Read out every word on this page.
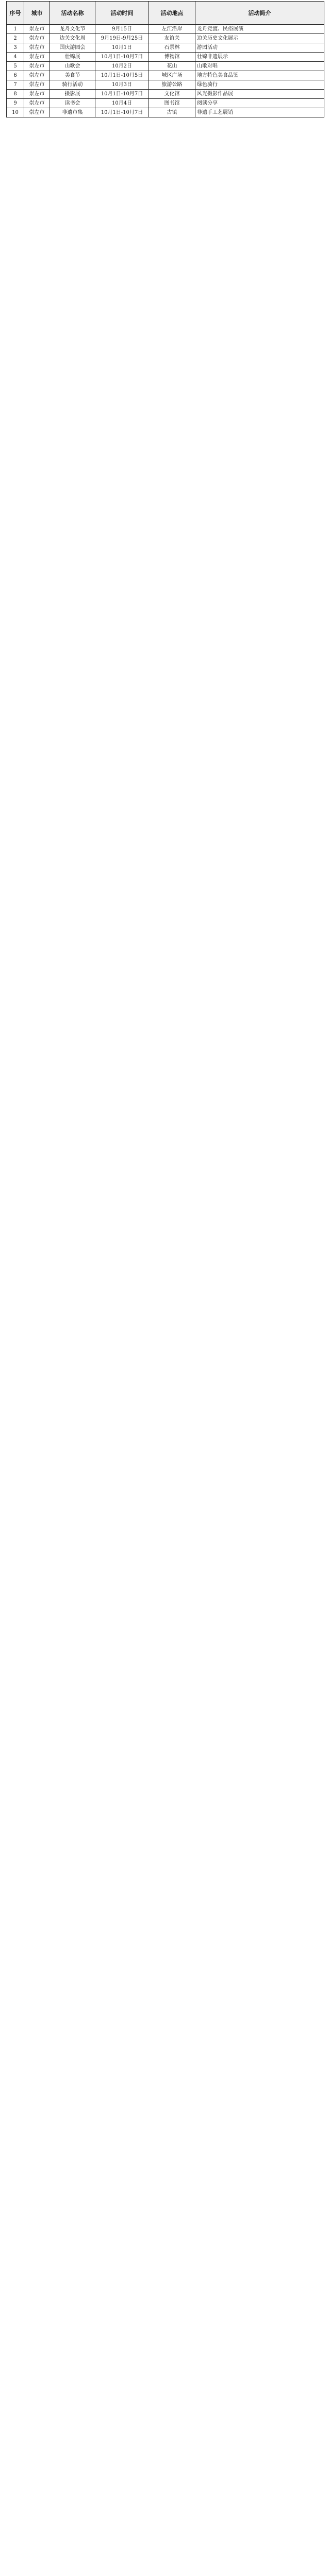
序号	城市	活动名称	活动时间	活动地点	活动简介
1	崇左市	龙舟文化节	9月15日	左江沿岸	龙舟竞渡、民俗展演
2	崇左市	边关文化周	9月19日-9月25日	友谊关	边关历史文化展示
3	崇左市	国庆游园会	10月1日	石景林	游园活动
4	崇左市	壮锦展	10月1日-10月7日	博物馆	壮锦非遗展示
5	崇左市	山歌会	10月2日	花山	山歌对唱
6	崇左市	美食节	10月1日-10月5日	城区广场	地方特色美食品鉴
7	崇左市	骑行活动	10月3日	旅游公路	绿色骑行
8	崇左市	摄影展	10月1日-10月7日	文化馆	风光摄影作品展
9	崇左市	读书会	10月4日	图书馆	阅读分享
10	崇左市	非遗市集	10月1日-10月7日	古镇	非遗手工艺展销
